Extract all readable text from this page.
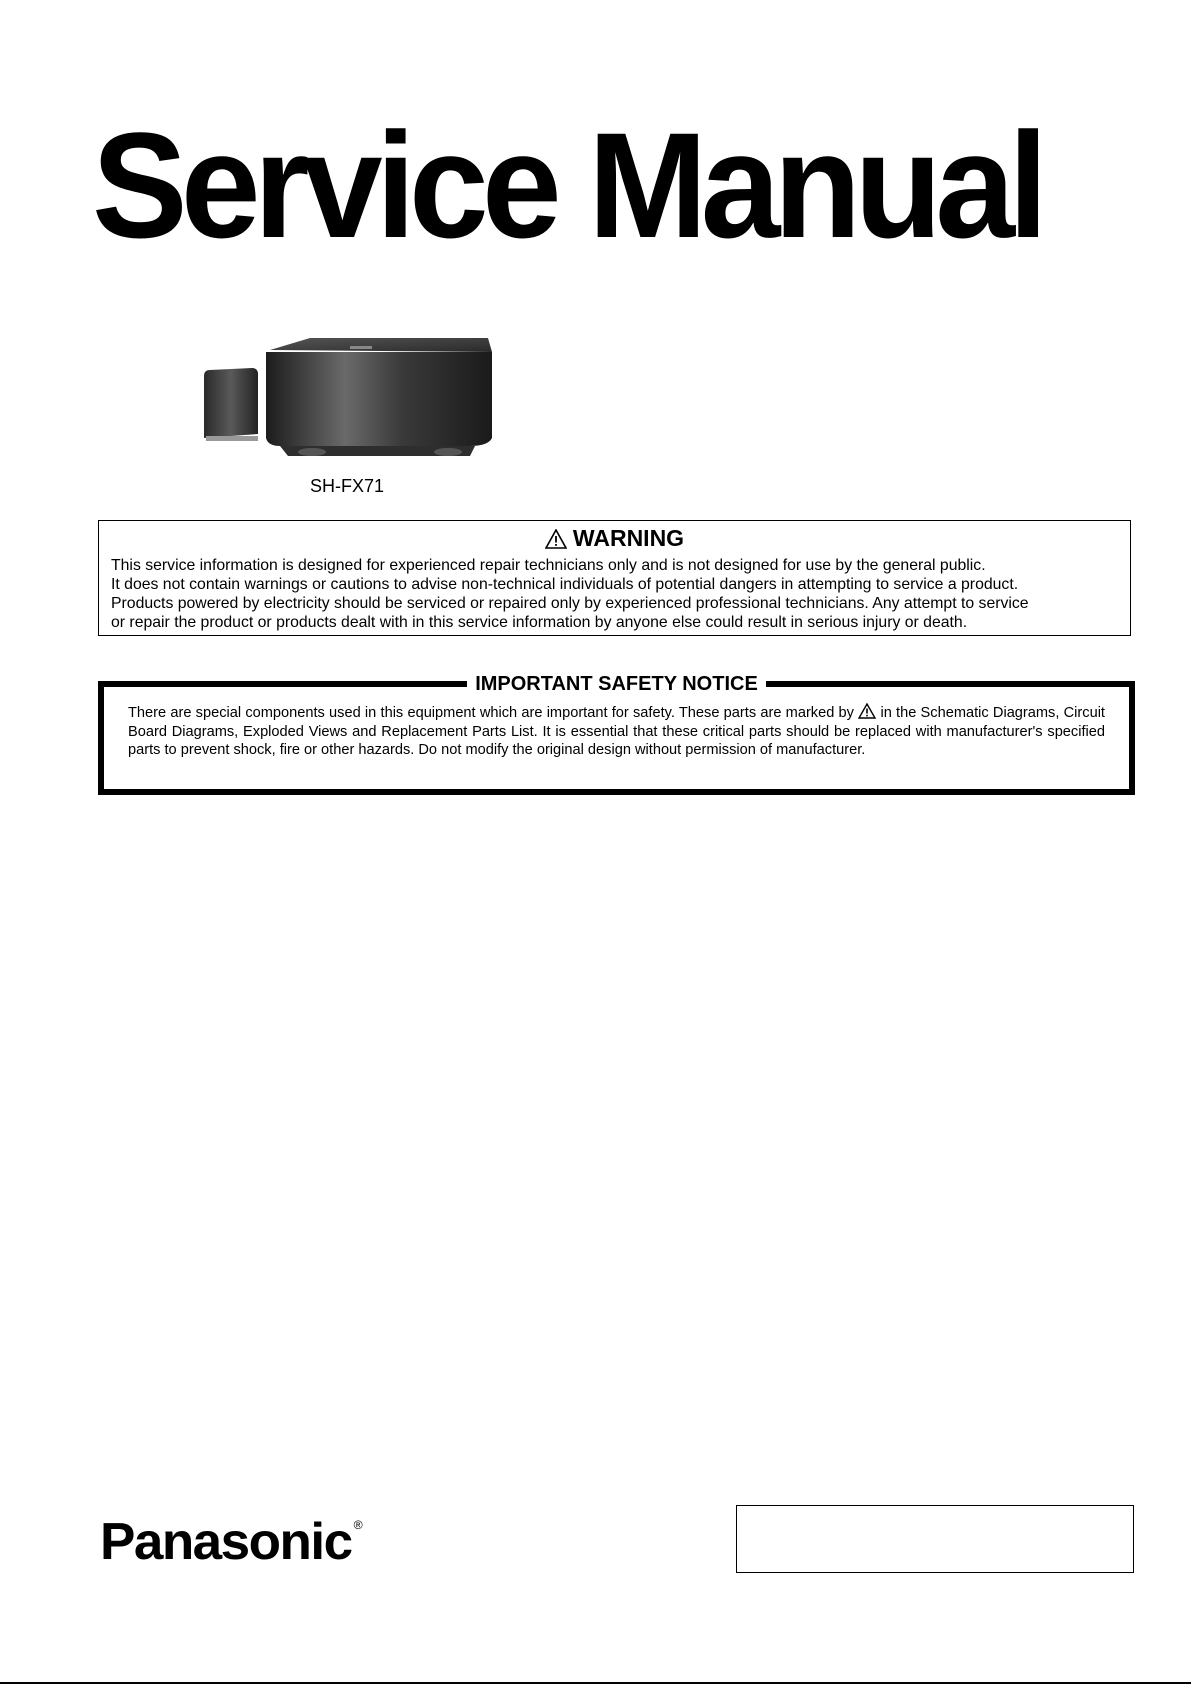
Service Manual
SH-FX71
WARNING
This service information is designed for experienced repair technicians only and is not designed for use by the general public.
It does not contain warnings or cautions to advise non-technical individuals of potential dangers in attempting to service a product.
Products powered by electricity should be serviced or repaired only by experienced professional technicians. Any attempt to service
or repair the product or products dealt with in this service information by anyone else could result in serious injury or death.
IMPORTANT SAFETY NOTICE
There are special components used in this equipment which are important for safety. These parts are marked by in the Schematic Diagrams, Circuit Board Diagrams, Exploded Views and Replacement Parts List. It is essential that these critical parts should be replaced with manufacturer's specified parts to prevent shock, fire or other hazards. Do not modify the original design without permission of manufacturer.
Panasonic ®
